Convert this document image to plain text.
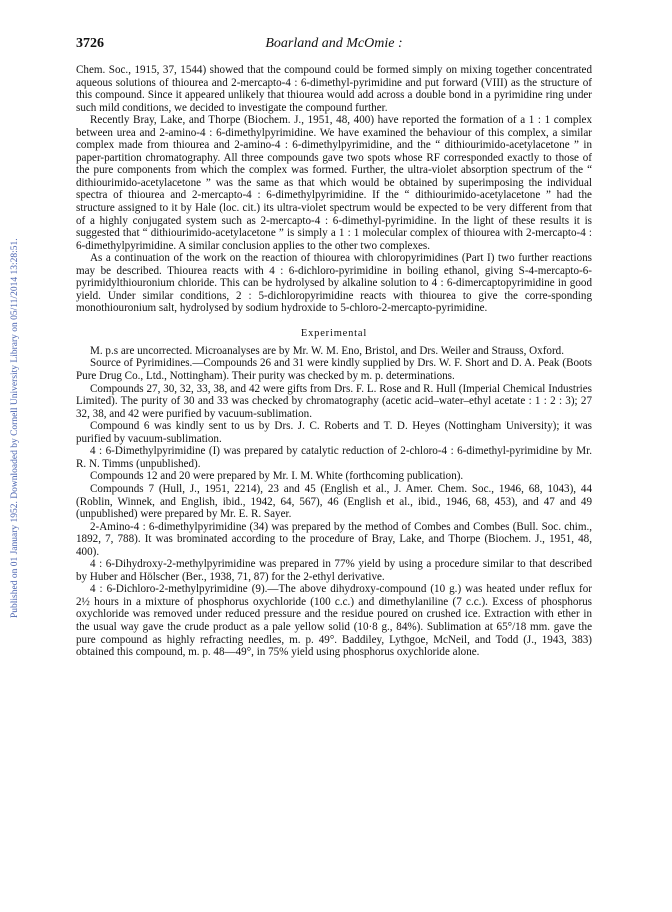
Published on 01 January 1952. Downloaded by Cornell University Library on 05/11/2014 13:28:51.
3726	Boarland and McOmie :

Chem. Soc., 1915, 37, 1544) showed that the compound could be formed simply on mixing together concentrated aqueous solutions of thiourea and 2-mercapto-4 : 6-dimethyl-pyrimidine and put forward (VIII) as the structure of this compound. Since it appeared unlikely that thiourea would add across a double bond in a pyrimidine ring under such mild conditions, we decided to investigate the compound further.

Recently Bray, Lake, and Thorpe (Biochem. J., 1951, 48, 400) have reported the formation of a 1 : 1 complex between urea and 2-amino-4 : 6-dimethylpyrimidine. We have examined the behaviour of this complex, a similar complex made from thiourea and 2-amino-4 : 6-dimethylpyrimidine, and the “ dithiourimido-acetylacetone ” in paper-partition chromatography. All three compounds gave two spots whose RF corresponded exactly to those of the pure components from which the complex was formed. Further, the ultra-violet absorption spectrum of the “ dithiourimido-acetylacetone ” was the same as that which would be obtained by superimposing the individual spectra of thiourea and 2-mercapto-4 : 6-dimethylpyrimidine. If the “ dithiourimido-acetylacetone ” had the structure assigned to it by Hale (loc. cit.) its ultra-violet spectrum would be expected to be very different from that of a highly conjugated system such as 2-mercapto-4 : 6-dimethyl-pyrimidine. In the light of these results it is suggested that “ dithiourimido-acetylacetone ” is simply a 1 : 1 molecular complex of thiourea with 2-mercapto-4 : 6-dimethylpyrimidine. A similar conclusion applies to the other two complexes.

As a continuation of the work on the reaction of thiourea with chloropyrimidines (Part I) two further reactions may be described. Thiourea reacts with 4 : 6-dichloro-pyrimidine in boiling ethanol, giving S-4-mercapto-6-pyrimidylthiouronium chloride. This can be hydrolysed by alkaline solution to 4 : 6-dimercaptopyrimidine in good yield. Under similar conditions, 2 : 5-dichloropyrimidine reacts with thiourea to give the corre-sponding monothiouronium salt, hydrolysed by sodium hydroxide to 5-chloro-2-mercapto-pyrimidine.

Experimental

M. p.s are uncorrected. Microanalyses are by Mr. W. M. Eno, Bristol, and Drs. Weiler and Strauss, Oxford.

Source of Pyrimidines.—Compounds 26 and 31 were kindly supplied by Drs. W. F. Short and D. A. Peak (Boots Pure Drug Co., Ltd., Nottingham). Their purity was checked by m. p. determinations.

Compounds 27, 30, 32, 33, 38, and 42 were gifts from Drs. F. L. Rose and R. Hull (Imperial Chemical Industries Limited). The purity of 30 and 33 was checked by chromatography (acetic acid–water–ethyl acetate : 1 : 2 : 3); 27 32, 38, and 42 were purified by vacuum-sublimation.

Compound 6 was kindly sent to us by Drs. J. C. Roberts and T. D. Heyes (Nottingham University); it was purified by vacuum-sublimation.

4 : 6-Dimethylpyrimidine (I) was prepared by catalytic reduction of 2-chloro-4 : 6-dimethyl-pyrimidine by Mr. R. N. Timms (unpublished).

Compounds 12 and 20 were prepared by Mr. I. M. White (forthcoming publication).

Compounds 7 (Hull, J., 1951, 2214), 23 and 45 (English et al., J. Amer. Chem. Soc., 1946, 68, 1043), 44 (Roblin, Winnek, and English, ibid., 1942, 64, 567), 46 (English et al., ibid., 1946, 68, 453), and 47 and 49 (unpublished) were prepared by Mr. E. R. Sayer.

2-Amino-4 : 6-dimethylpyrimidine (34) was prepared by the method of Combes and Combes (Bull. Soc. chim., 1892, 7, 788). It was brominated according to the procedure of Bray, Lake, and Thorpe (Biochem. J., 1951, 48, 400).

4 : 6-Dihydroxy-2-methylpyrimidine was prepared in 77% yield by using a procedure similar to that described by Huber and Hölscher (Ber., 1938, 71, 87) for the 2-ethyl derivative.

4 : 6-Dichloro-2-methylpyrimidine (9).—The above dihydroxy-compound (10 g.) was heated under reflux for 2½ hours in a mixture of phosphorus oxychloride (100 c.c.) and dimethylaniline (7 c.c.). Excess of phosphorus oxychloride was removed under reduced pressure and the residue poured on crushed ice. Extraction with ether in the usual way gave the crude product as a pale yellow solid (10·8 g., 84%). Sublimation at 65°/18 mm. gave the pure compound as highly refracting needles, m. p. 49°. Baddiley, Lythgoe, McNeil, and Todd (J., 1943, 383) obtained this compound, m. p. 48—49°, in 75% yield using phosphorus oxychloride alone.
